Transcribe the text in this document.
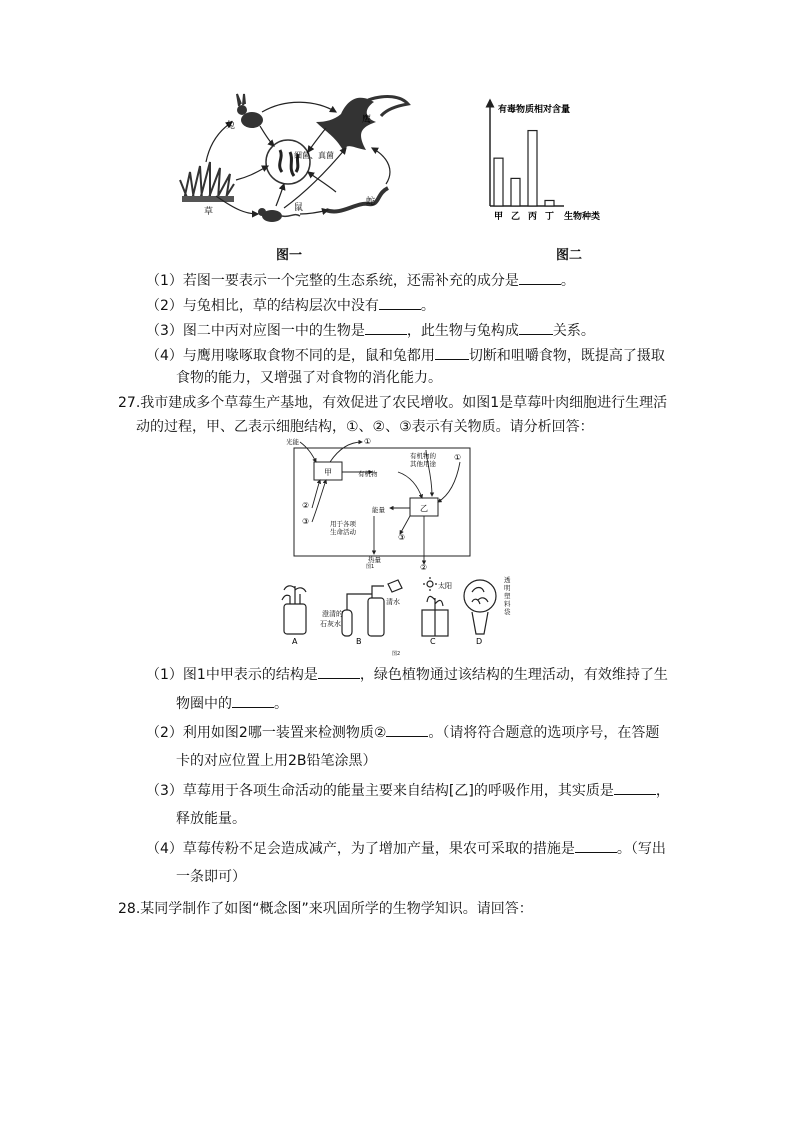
兔
鹰
细菌、真菌
蛇
草	鼠
图一
有毒物质相对含量
生物种类
甲 乙 丙 丁
图二
（1）若图一要表示一个完整的生态系统，还需补充的成分是	。
（2）与兔相比，草的结构层次中没有	。
（3）图二中丙对应图一中的生物是	，此生物与兔构成 关系。
（4）与鹰用喙啄取食物不同的是，鼠和兔都用 切断和咀嚼食物，既提高了摄取
食物的能力，又增强了对食物的消化能力。
27.我市建成多个草莓生产基地，有效促进了农民增收。如图1是草莓叶肉细胞进行生理活
动的过程，甲、乙表示细胞结构，①、②、③表示有关物质。请分析回答：
光能
甲
乙
有机物
有机物的
其他用途
能量
用于各项
生命活动
热量
①
①
②
③
③
②
图1
澄清的
石灰水
清水
太阳
A	B	C	D
透明塑料袋
图2
（1）图1中甲表示的结构是	，绿色植物通过该结构的生理活动，有效维持了生
物圈中的	。
（2）利用如图2哪一装置来检测物质②	。（请将符合题意的选项序号，在答题
卡的对应位置上用2B铅笔涂黑）
（3）草莓用于各项生命活动的能量主要来自结构[乙]的呼吸作用，其实质是	，
释放能量。
（4）草莓传粉不足会造成减产，为了增加产量，果农可采取的措施是	。（写出
一条即可）
28.某同学制作了如图“概念图”来巩固所学的生物学知识。请回答：
